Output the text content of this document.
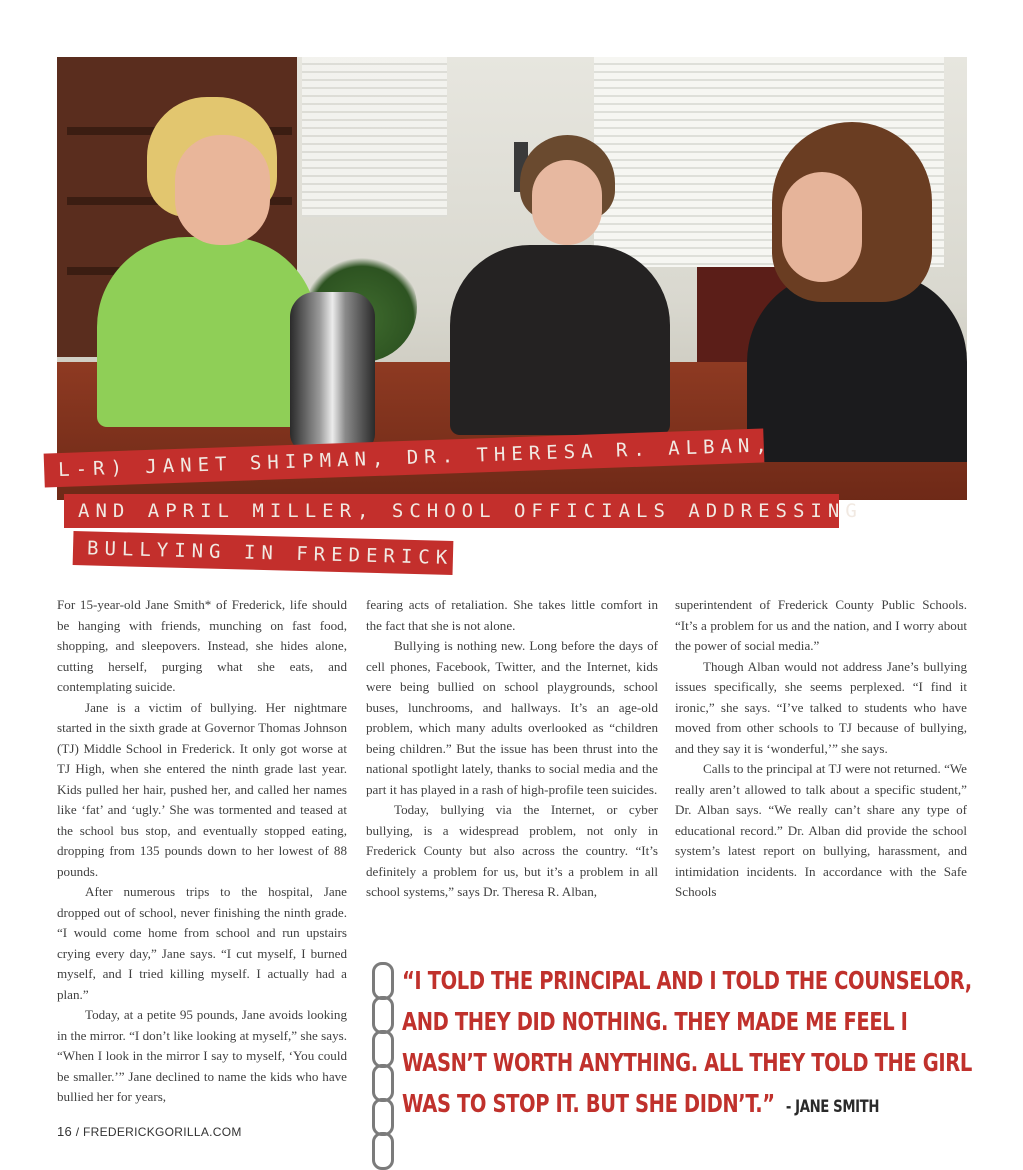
L-R) JANET SHIPMAN, DR. THERESA R. ALBAN,
AND APRIL MILLER, SCHOOL OFFICIALS ADDRESSING
BULLYING IN FREDERICK

For 15-year-old Jane Smith* of Frederick, life should be hanging with friends, munching on fast food, shopping, and sleepovers. Instead, she hides alone, cutting herself, purging what she eats, and contemplating suicide.

Jane is a victim of bullying. Her nightmare started in the sixth grade at Governor Thomas Johnson (TJ) Middle School in Frederick. It only got worse at TJ High, when she entered the ninth grade last year. Kids pulled her hair, pushed her, and called her names like ‘fat’ and ‘ugly.’ She was tormented and teased at the school bus stop, and eventually stopped eating, dropping from 135 pounds down to her lowest of 88 pounds.

After numerous trips to the hospital, Jane dropped out of school, never finishing the ninth grade. “I would come home from school and run upstairs crying every day,” Jane says. “I cut myself, I burned myself, and I tried killing myself. I actually had a plan.”

Today, at a petite 95 pounds, Jane avoids looking in the mirror. “I don’t like looking at myself,” she says. “When I look in the mirror I say to myself, ‘You could be smaller.’” Jane declined to name the kids who have bullied her for years,

fearing acts of retaliation. She takes little comfort in the fact that she is not alone.

Bullying is nothing new. Long before the days of cell phones, Facebook, Twitter, and the Internet, kids were being bullied on school playgrounds, school buses, lunchrooms, and hallways. It’s an age-old problem, which many adults overlooked as “children being children.” But the issue has been thrust into the national spotlight lately, thanks to social media and the part it has played in a rash of high-profile teen suicides.

Today, bullying via the Internet, or cyber bullying, is a widespread problem, not only in Frederick County but also across the country. “It’s definitely a problem for us, but it’s a problem in all school systems,” says Dr. Theresa R. Alban,

superintendent of Frederick County Public Schools. “It’s a problem for us and the nation, and I worry about the power of social media.”

Though Alban would not address Jane’s bullying issues specifically, she seems perplexed. “I find it ironic,” she says. “I’ve talked to students who have moved from other schools to TJ because of bullying, and they say it is ‘wonderful,’” she says.

Calls to the principal at TJ were not returned. “We really aren’t allowed to talk about a specific student,” Dr. Alban says. “We really can’t share any type of educational record.” Dr. Alban did provide the school system’s latest report on bullying, harassment, and intimidation incidents. In accordance with the Safe Schools

“I TOLD THE PRINCIPAL AND I TOLD THE COUNSELOR, AND THEY DID NOTHING. THEY MADE ME FEEL I WASN’T WORTH ANYTHING. ALL THEY TOLD THE GIRL WAS TO STOP IT. BUT SHE DIDN’T.” - JANE SMITH
16 / FREDERICKGORILLA.COM
